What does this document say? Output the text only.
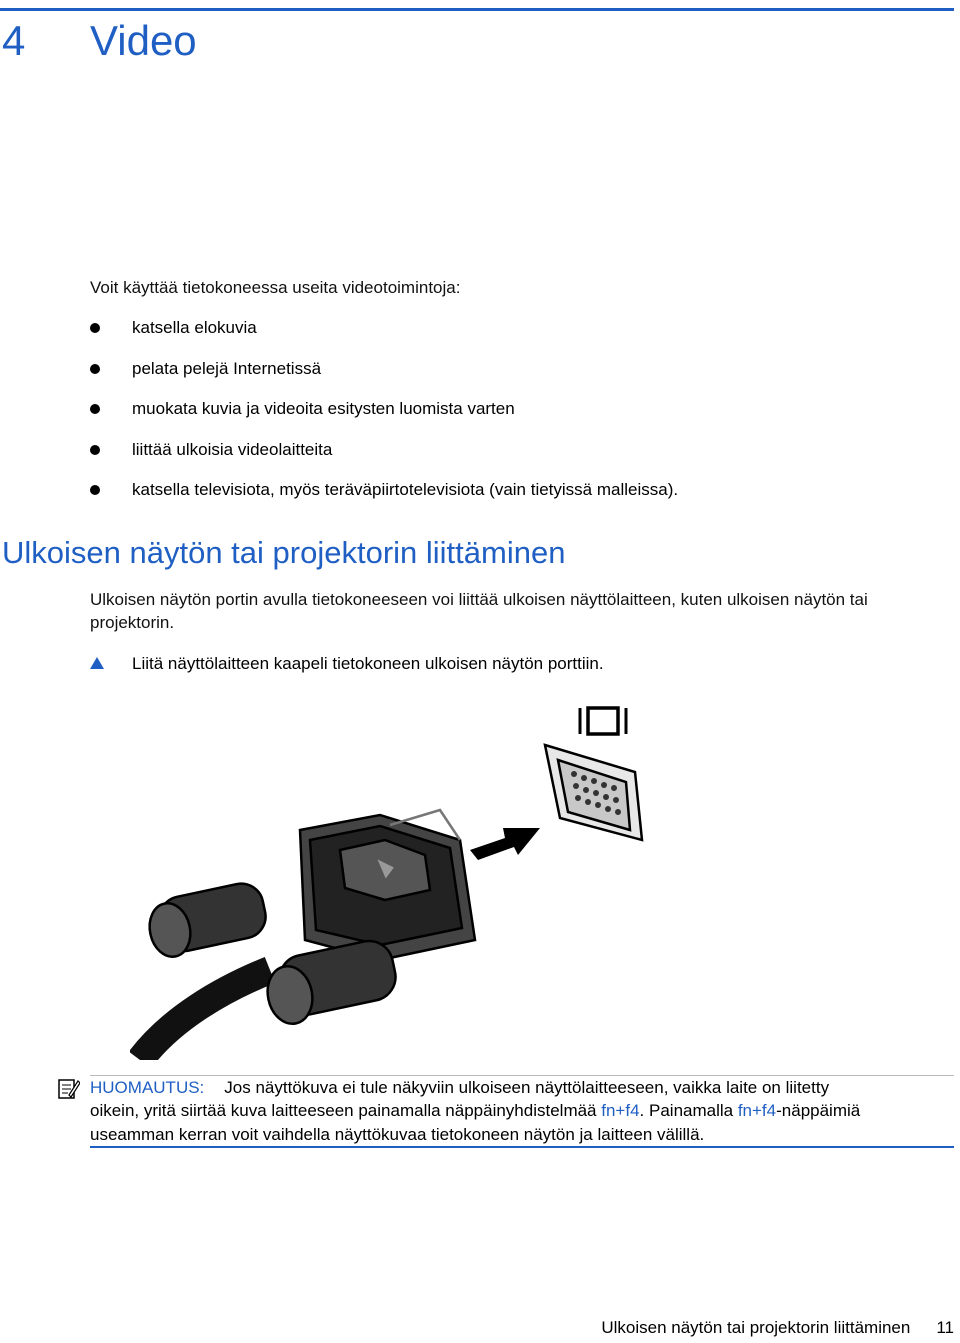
4 Video
Voit käyttää tietokoneessa useita videotoimintoja:
katsella elokuvia
pelata pelejä Internetissä
muokata kuvia ja videoita esitysten luomista varten
liittää ulkoisia videolaitteita
katsella televisiota, myös teräväpiirtotelevisiota (vain tietyissä malleissa).
Ulkoisen näytön tai projektorin liittäminen
Ulkoisen näytön portin avulla tietokoneeseen voi liittää ulkoisen näyttölaitteen, kuten ulkoisen näytön tai projektorin.
Liitä näyttölaitteen kaapeli tietokoneen ulkoisen näytön porttiin.
HUOMAUTUS: Jos näyttökuva ei tule näkyviin ulkoiseen näyttölaitteeseen, vaikka laite on liitetty
oikein, yritä siirtää kuva laitteeseen painamalla näppäinyhdistelmää fn+f4. Painamalla fn+f4-näppäimiä
useamman kerran voit vaihdella näyttökuvaa tietokoneen näytön ja laitteen välillä.
Ulkoisen näytön tai projektorin liittäminen 11
